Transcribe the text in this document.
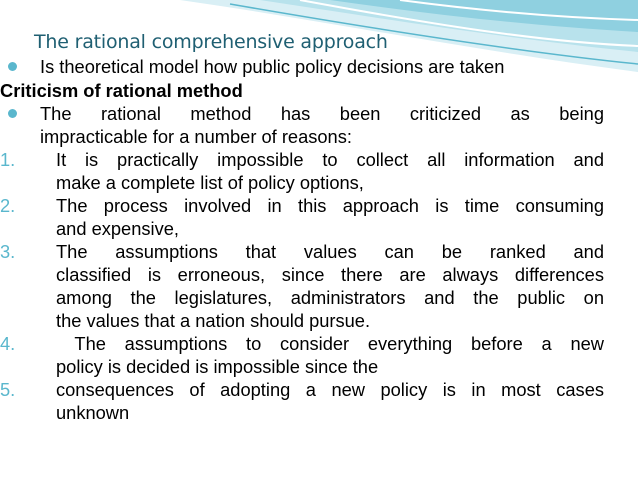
The rational comprehensive approach
Is theoretical model how public policy decisions are taken
Criticism of rational method
The rational method has been criticized as being
impracticable for a number of reasons:
1. It is practically impossible to collect all information and
make a complete list of policy options,
2. The process involved in this approach is time consuming
and expensive,
3. The assumptions that values can be ranked and
classified is erroneous, since there are always differences
among the legislatures, administrators and the public on
the values that a nation should pursue.
4. The assumptions to consider everything before a new
policy is decided is impossible since the
5. consequences of adopting a new policy is in most cases
unknown
